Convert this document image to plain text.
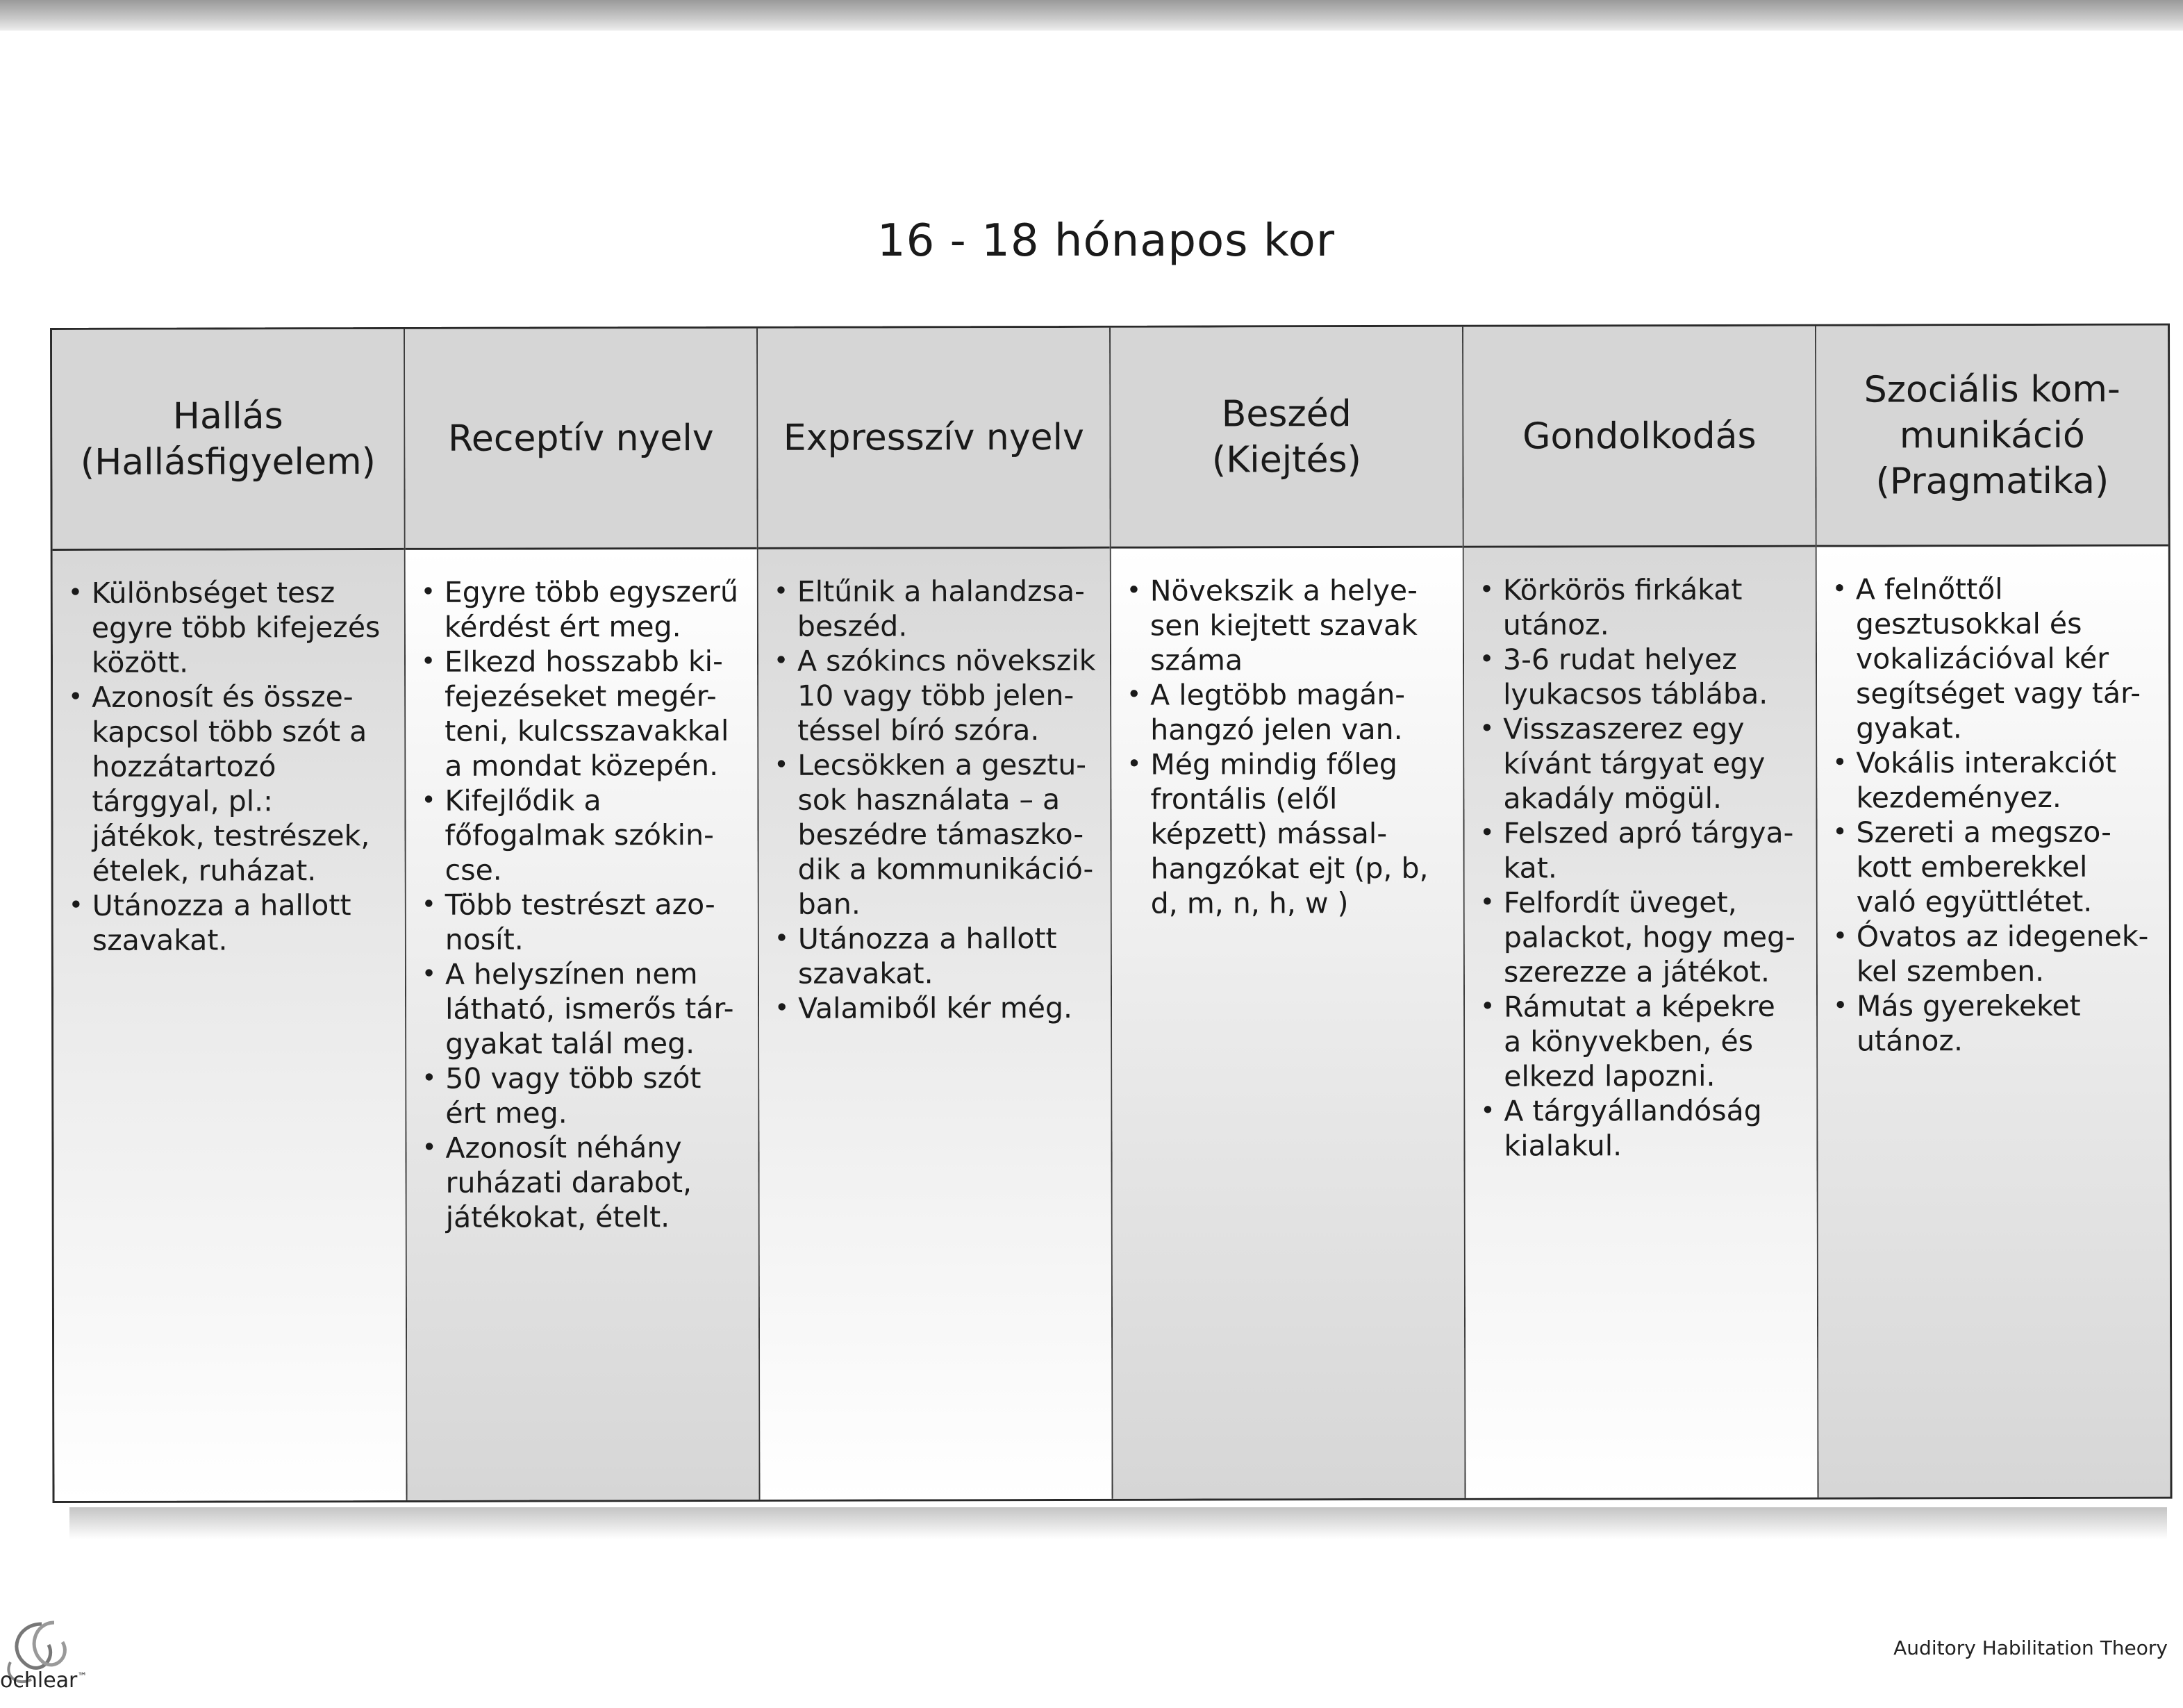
16 - 18 hónapos kor
Hallás
(Hallásfigyelem)
• Különbséget tesz
egyre több kifejezés
között.
• Azonosít és össze-
kapcsol több szót a
hozzátartozó
tárggyal, pl.:
játékok, testrészek,
ételek, ruházat.
• Utánozza a hallott
szavakat.
Receptív nyelv
• Egyre több egyszerű
kérdést ért meg.
• Elkezd hosszabb ki-
fejezéseket megér-
teni, kulcsszavakkal
a mondat közepén.
• Kifejlődik a
főfogalmak szókin-
cse.
• Több testrészt azo-
nosít.
• A helyszínen nem
látható, ismerős tár-
gyakat talál meg.
• 50 vagy több szót
ért meg.
• Azonosít néhány
ruházati darabot,
játékokat, ételt.
Expresszív nyelv
• Eltűnik a halandzsa-
beszéd.
• A szókincs növekszik
10 vagy több jelen-
téssel bíró szóra.
• Lecsökken a gesztu-
sok használata – a
beszédre támaszko-
dik a kommunikáció-
ban.
• Utánozza a hallott
szavakat.
• Valamiből kér még.
Beszéd
(Kiejtés)
• Növekszik a helye-
sen kiejtett szavak
száma
• A legtöbb magán-
hangzó jelen van.
• Még mindig főleg
frontális (elől
képzett) mással-
hangzókat ejt (p, b,
d, m, n, h, w )
Gondolkodás
• Körkörös firkákat
utánoz.
• 3-6 rudat helyez
lyukacsos táblába.
• Visszaszerez egy
kívánt tárgyat egy
akadály mögül.
• Felszed apró tárgya-
kat.
• Felfordít üveget,
palackot, hogy meg-
szerezze a játékot.
• Rámutat a képekre
a könyvekben, és
elkezd lapozni.
• A tárgyállandóság
kialakul.
Szociális kom-
munikáció
(Pragmatika)
• A felnőttől
gesztusokkal és
vokalizációval kér
segítséget vagy tár-
gyakat.
• Vokális interakciót
kezdeményez.
• Szereti a megszo-
kott emberekkel
való együttlétet.
• Óvatos az idegenek-
kel szemben.
• Más gyerekeket
utánoz.
ochlear™
Auditory Habilitation Theory
